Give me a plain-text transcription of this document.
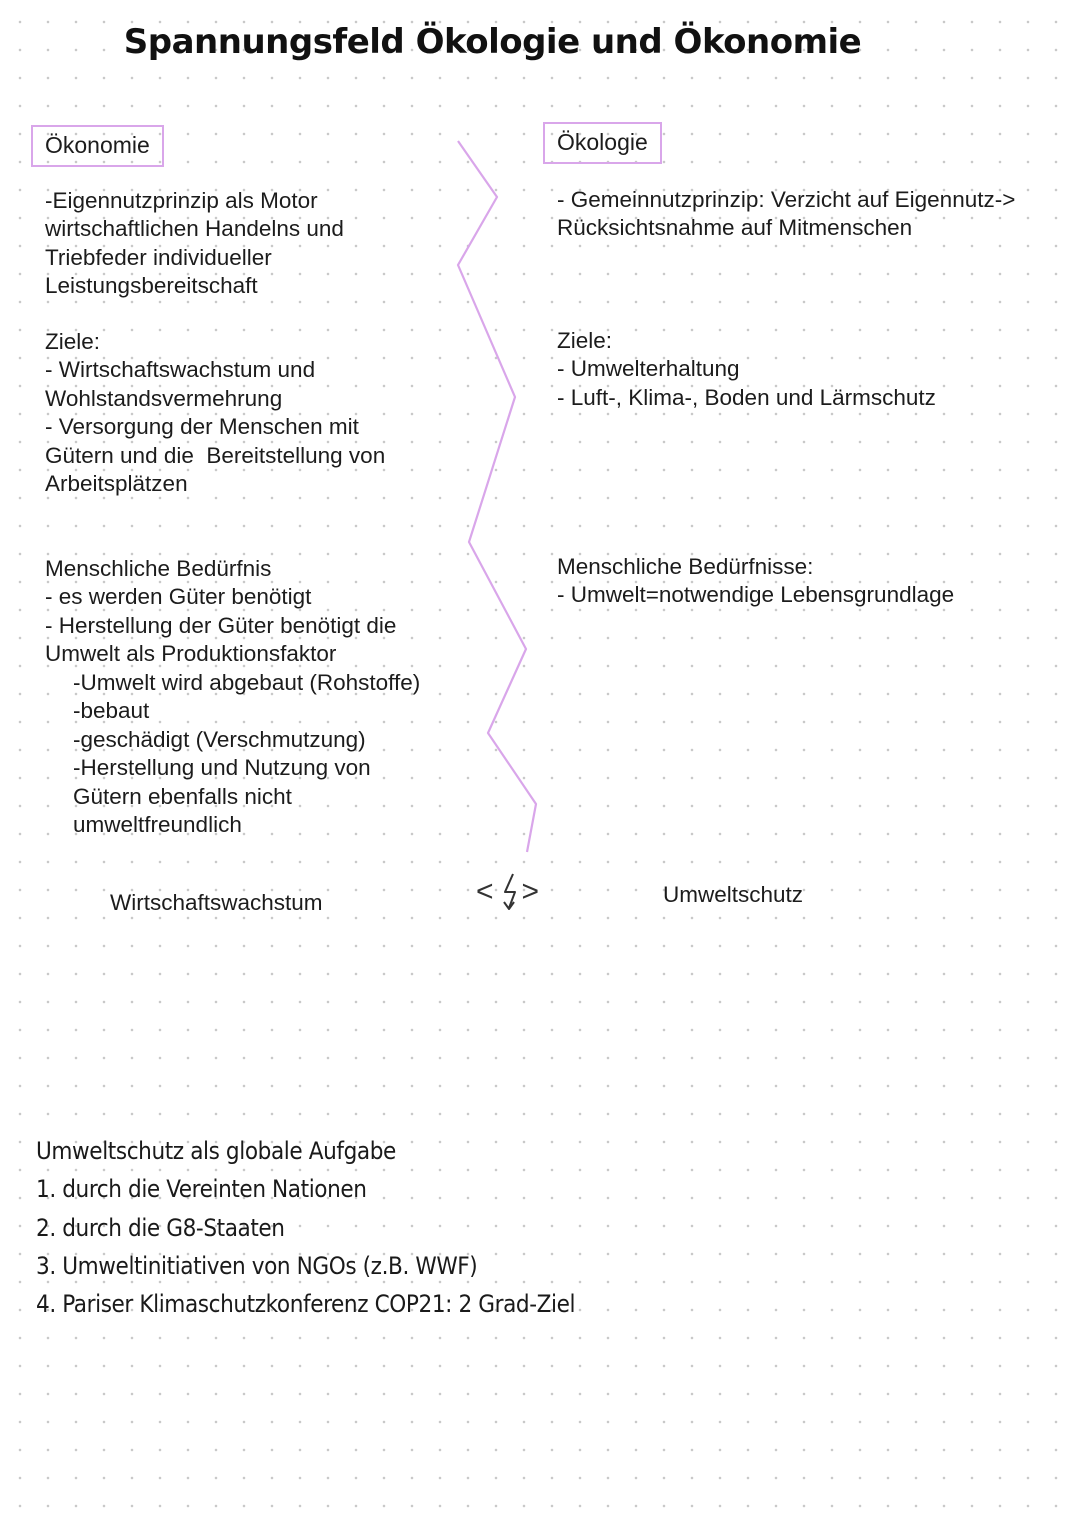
Spannungsfeld Ökologie und Ökonomie
Ökonomie
-Eigennutzprinzip als Motor
wirtschaftlichen Handelns und
Triebfeder individueller
Leistungsbereitschaft
Ziele:
- Wirtschaftswachstum und
Wohlstandsvermehrung
- Versorgung der Menschen mit
Gütern und die  Bereitstellung von
Arbeitsplätzen
Menschliche Bedürfnis
- es werden Güter benötigt
- Herstellung der Güter benötigt die
Umwelt als Produktionsfaktor
-Umwelt wird abgebaut (Rohstoffe)
-bebaut
-geschädigt (Verschmutzung)
-Herstellung und Nutzung von
Gütern ebenfalls nicht
umweltfreundlich
Wirtschaftswachstum
Ökologie
- Gemeinnutzprinzip: Verzicht auf Eigennutz->
Rücksichtsnahme auf Mitmenschen
Ziele:
- Umwelterhaltung
- Luft-, Klima-, Boden und Lärmschutz
Menschliche Bedürfnisse:
- Umwelt=notwendige Lebensgrundlage
Umweltschutz
< >
Umweltschutz als globale Aufgabe
1. durch die Vereinten Nationen
2. durch die G8-Staaten
3. Umweltinitiativen von NGOs (z.B. WWF)
4. Pariser Klimaschutzkonferenz COP21: 2 Grad-Ziel
